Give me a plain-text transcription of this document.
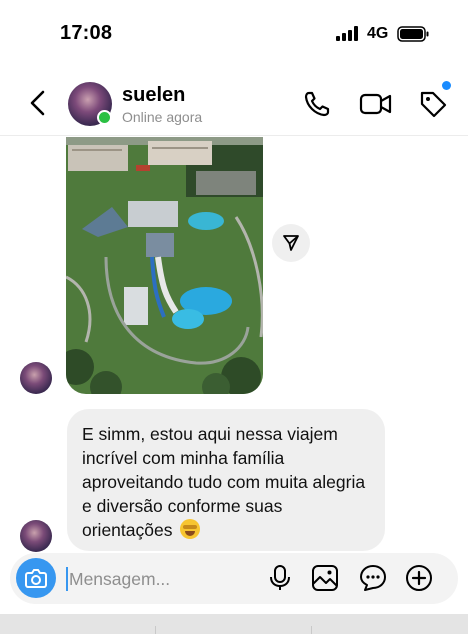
17:08	4G
suelen
Online agora
E simm, estou aqui nessa viajem incrível com minha família aproveitando tudo com muita alegria e diversão conforme suas orientações
Mensagem...
